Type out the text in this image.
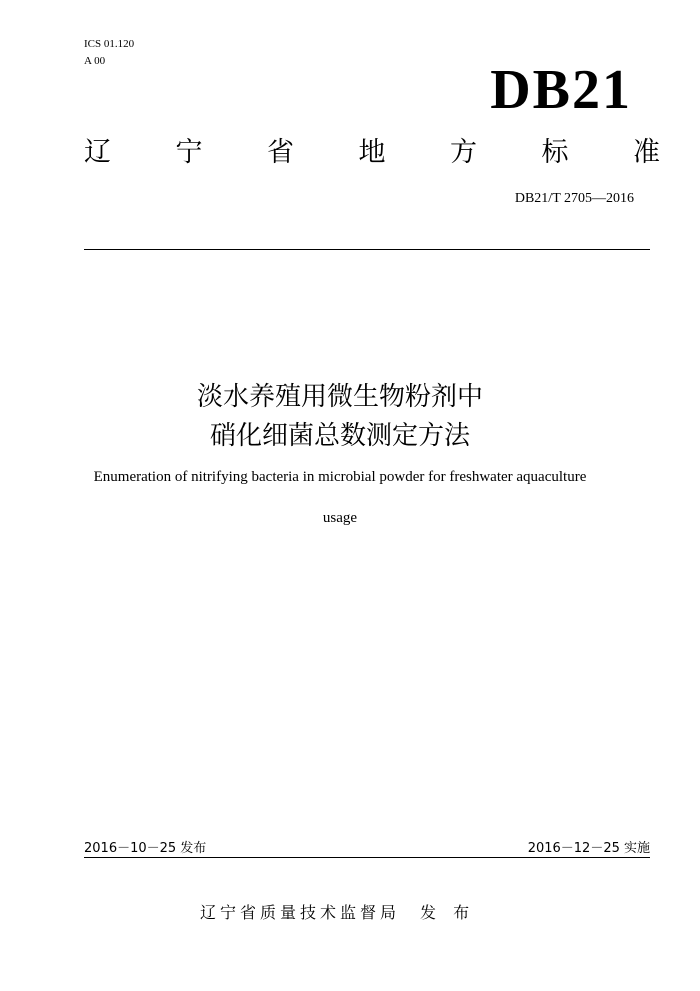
ICS 01.120
A 00	DB21
辽 宁 省 地 方 标 准
DB21/T 2705—2016
淡水养殖用微生物粉剂中
硝化细菌总数测定方法
Enumeration of nitrifying bacteria in microbial powder for freshwater aquaculture
usage
2016－10－25 发布	2016－12－25 实施
辽宁省质量技术监督局 发 布
